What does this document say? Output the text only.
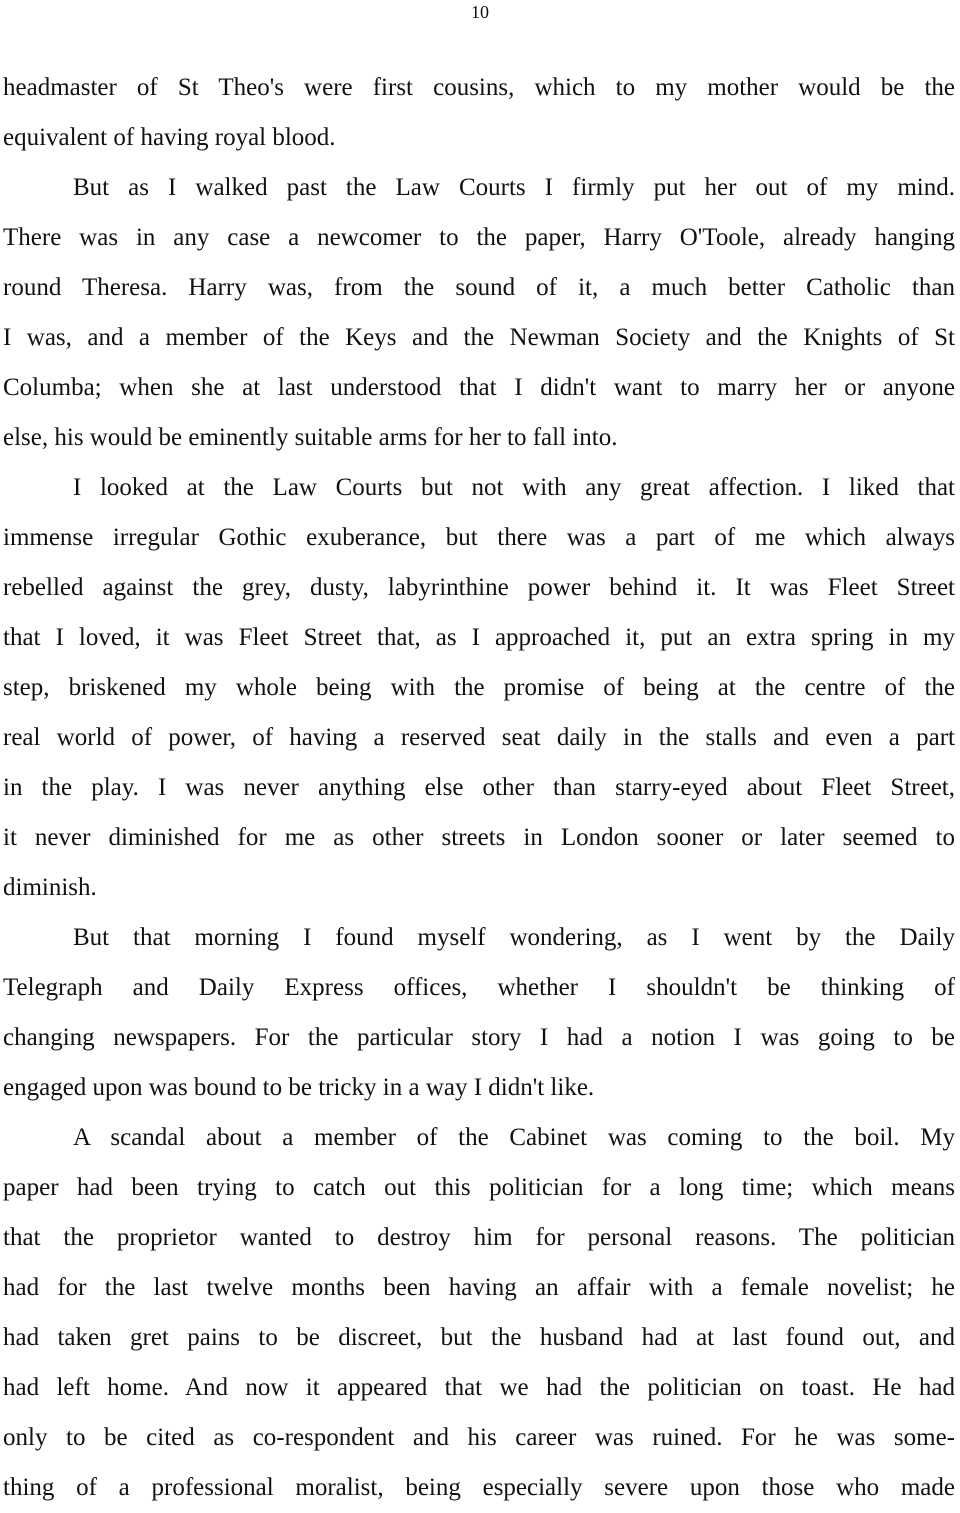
10
headmaster of St Theo's were first cousins, which to my mother would be the
equivalent of having royal blood.
But as I walked past the Law Courts I firmly put her out of my mind.
There was in any case a newcomer to the paper, Harry O'Toole, already hanging
round Theresa. Harry was, from the sound of it, a much better Catholic than
I was, and a member of the Keys and the Newman Society and the Knights of St
Columba; when she at last understood that I didn't want to marry her or anyone
else, his would be eminently suitable arms for her to fall into.
I looked at the Law Courts but not with any great affection. I liked that
immense irregular Gothic exuberance, but there was a part of me which always
rebelled against the grey, dusty, labyrinthine power behind it. It was Fleet Street
that I loved, it was Fleet Street that, as I approached it, put an extra spring in my
step, briskened my whole being with the promise of being at the centre of the
real world of power, of having a reserved seat daily in the stalls and even a part
in the play. I was never anything else other than starry-eyed about Fleet Street,
it never diminished for me as other streets in London sooner or later seemed to
diminish.
But that morning I found myself wondering, as I went by the Daily
Telegraph and Daily Express offices, whether I shouldn't be thinking of
changing newspapers. For the particular story I had a notion I was going to be
engaged upon was bound to be tricky in a way I didn't like.
A scandal about a member of the Cabinet was coming to the boil. My
paper had been trying to catch out this politician for a long time; which means
that the proprietor wanted to destroy him for personal reasons. The politician
had for the last twelve months been having an affair with a female novelist; he
had taken gret pains to be discreet, but the husband had at last found out, and
had left home. And now it appeared that we had the politician on toast. He had
only to be cited as co-respondent and his career was ruined. For he was some-
thing of a professional moralist, being especially severe upon those who made
